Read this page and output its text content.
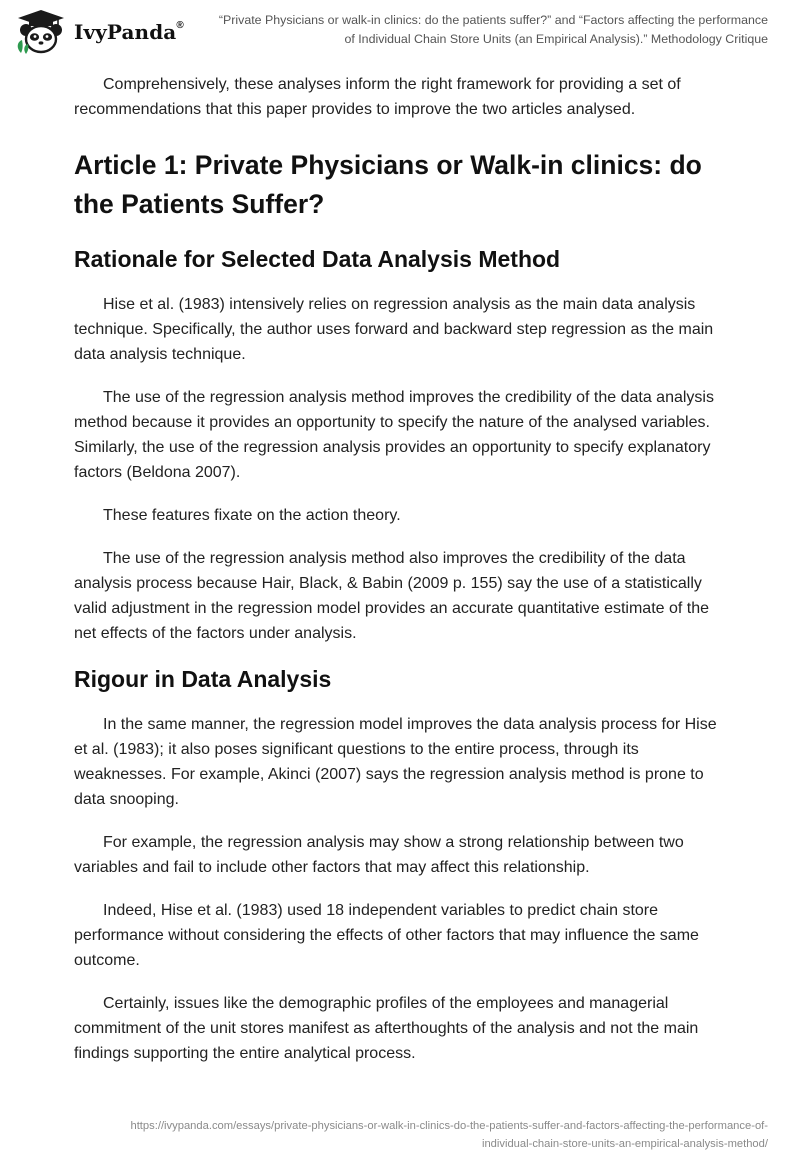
IvyPanda®	“Private Physicians or walk-in clinics: do the patients suffer?” and “Factors affecting the performance
of Individual Chain Store Units (an Empirical Analysis).” Methodology Critique

Comprehensively, these analyses inform the right framework for providing a set of recommendations that this paper provides to improve the two articles analysed.

Article 1: Private Physicians or Walk-in clinics: do the Patients Suffer?
Rationale for Selected Data Analysis Method

Hise et al. (1983) intensively relies on regression analysis as the main data analysis technique. Specifically, the author uses forward and backward step regression as the main data analysis technique.

The use of the regression analysis method improves the credibility of the data analysis method because it provides an opportunity to specify the nature of the analysed variables. Similarly, the use of the regression analysis provides an opportunity to specify explanatory factors (Beldona 2007).

These features fixate on the action theory.

The use of the regression analysis method also improves the credibility of the data analysis process because Hair, Black, & Babin (2009 p. 155) say the use of a statistically valid adjustment in the regression model provides an accurate quantitative estimate of the net effects of the factors under analysis.

Rigour in Data Analysis

In the same manner, the regression model improves the data analysis process for Hise et al. (1983); it also poses significant questions to the entire process, through its weaknesses. For example, Akinci (2007) says the regression analysis method is prone to data snooping.

For example, the regression analysis may show a strong relationship between two variables and fail to include other factors that may affect this relationship.

Indeed, Hise et al. (1983) used 18 independent variables to predict chain store performance without considering the effects of other factors that may influence the same outcome.

Certainly, issues like the demographic profiles of the employees and managerial commitment of the unit stores manifest as afterthoughts of the analysis and not the main findings supporting the entire analytical process.

https://ivypanda.com/essays/private-physicians-or-walk-in-clinics-do-the-patients-suffer-and-factors-affecting-the-performance-of-
individual-chain-store-units-an-empirical-analysis-method/
